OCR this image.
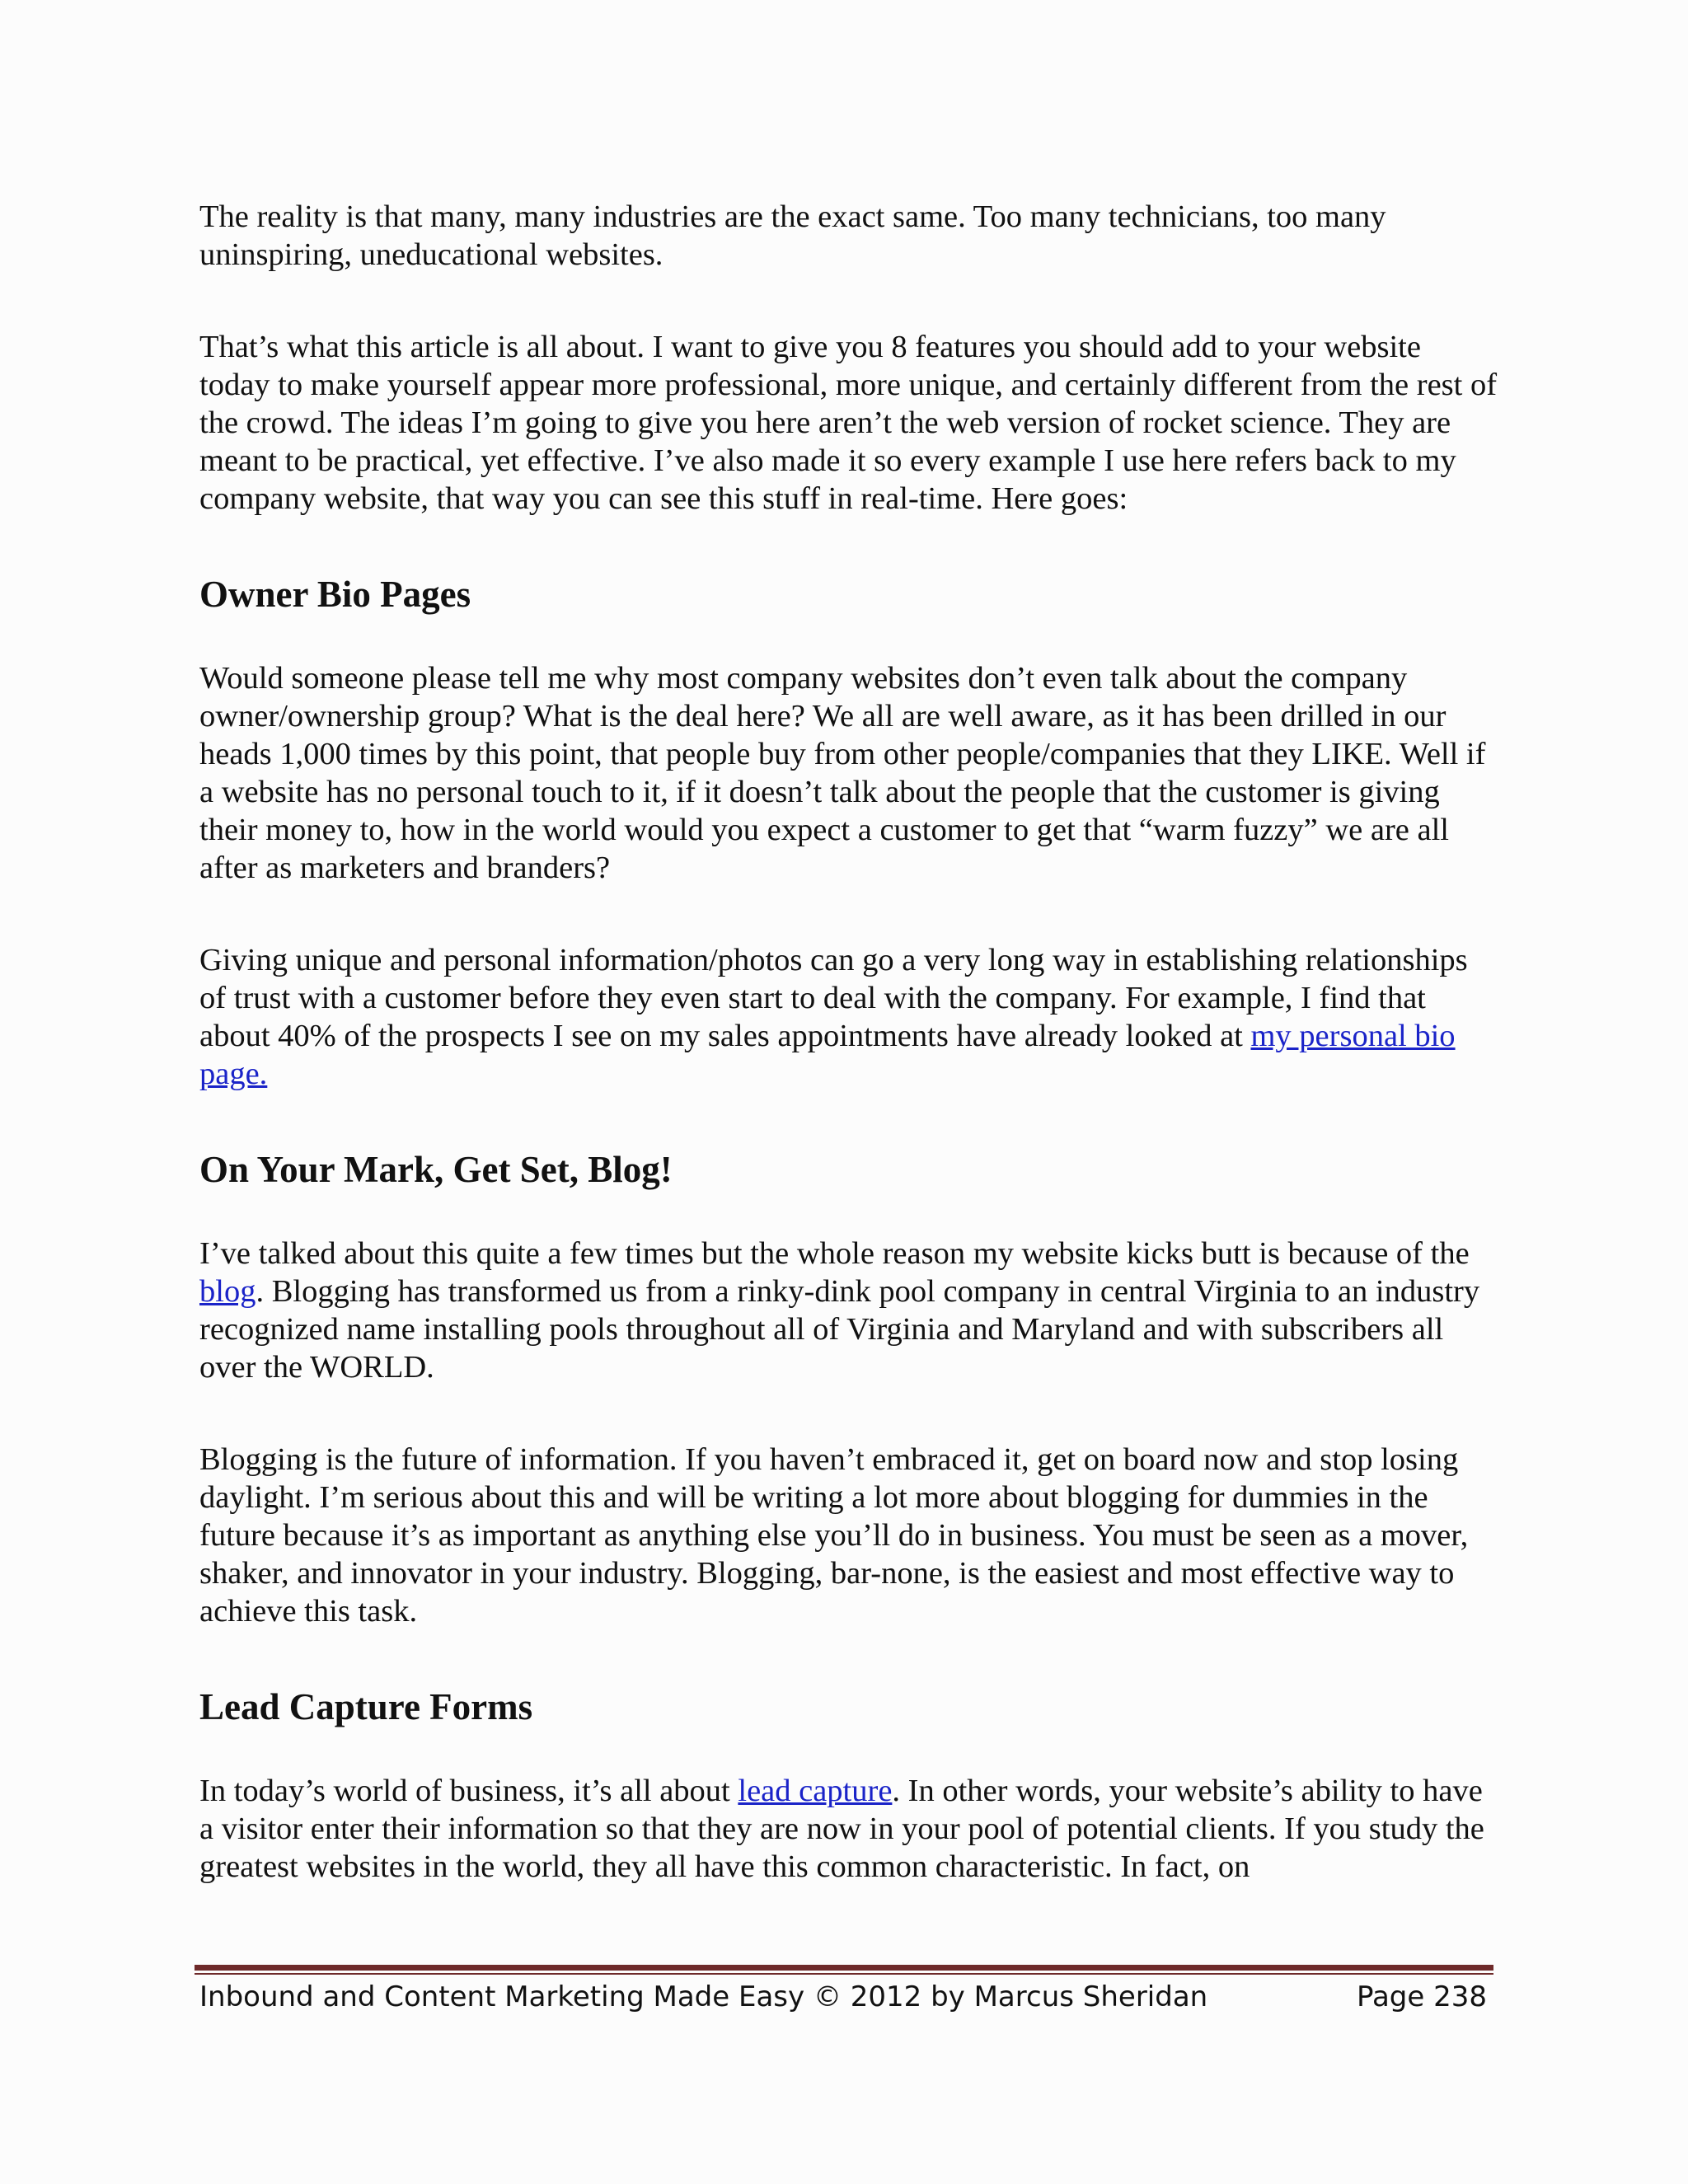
The reality is that many, many industries are the exact same. Too many technicians, too many uninspiring, uneducational websites.

That’s what this article is all about. I want to give you 8 features you should add to your website today to make yourself appear more professional, more unique, and certainly different from the rest of the crowd. The ideas I’m going to give you here aren’t the web version of rocket science. They are meant to be practical, yet effective. I’ve also made it so every example I use here refers back to my company website, that way you can see this stuff in real-time. Here goes:

Owner Bio Pages

Would someone please tell me why most company websites don’t even talk about the company owner/ownership group? What is the deal here? We all are well aware, as it has been drilled in our heads 1,000 times by this point, that people buy from other people/companies that they LIKE. Well if a website has no personal touch to it, if it doesn’t talk about the people that the customer is giving their money to, how in the world would you expect a customer to get that “warm fuzzy” we are all after as marketers and branders?

Giving unique and personal information/photos can go a very long way in establishing relationships of trust with a customer before they even start to deal with the company. For example, I find that about 40% of the prospects I see on my sales appointments have already looked at my personal bio page.

On Your Mark, Get Set, Blog!

I’ve talked about this quite a few times but the whole reason my website kicks butt is because of the blog. Blogging has transformed us from a rinky-dink pool company in central Virginia to an industry recognized name installing pools throughout all of Virginia and Maryland and with subscribers all over the WORLD.

Blogging is the future of information. If you haven’t embraced it, get on board now and stop losing daylight. I’m serious about this and will be writing a lot more about blogging for dummies in the future because it’s as important as anything else you’ll do in business. You must be seen as a mover, shaker, and innovator in your industry. Blogging, bar-none, is the easiest and most effective way to achieve this task.

Lead Capture Forms

In today’s world of business, it’s all about lead capture. In other words, your website’s ability to have a visitor enter their information so that they are now in your pool of potential clients. If you study the greatest websites in the world, they all have this common characteristic. In fact, on

Inbound and Content Marketing Made Easy © 2012 by Marcus Sheridan	Page 238
